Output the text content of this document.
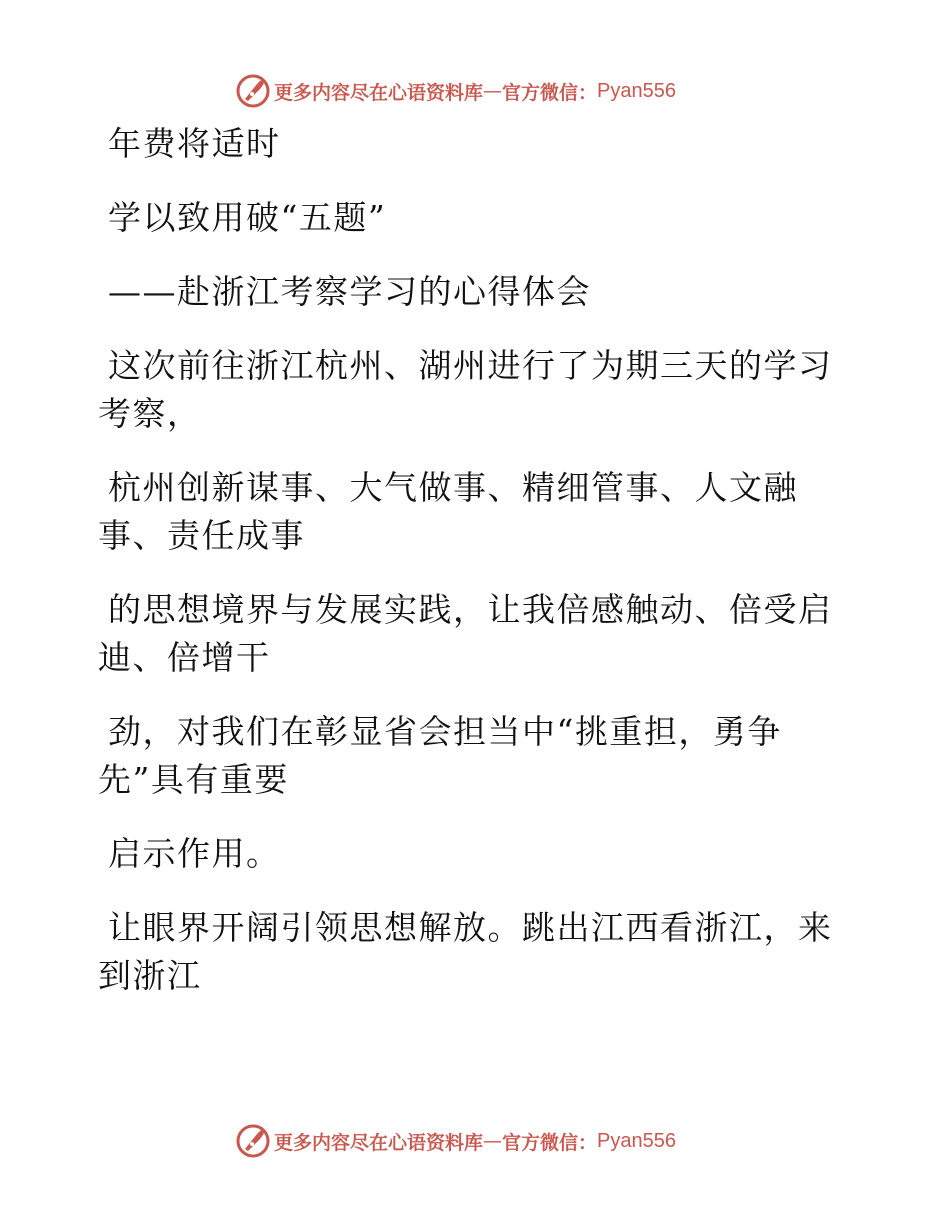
更多内容尽在心语资料库 — 官方微信： Pyan556

年费将适时

学以致用破“五题”

——赴浙江考察学习的心得体会

这次前往浙江杭州、湖州进行了为期三天的学习考察，

杭州创新谋事、大气做事、精细管事、人文融事、责任成事

的思想境界与发展实践，让我倍感触动、倍受启迪、倍增干

劲，对我们在彰显省会担当中“挑重担，勇争先”具有重要

启示作用。

让眼界开阔引领思想解放。跳出江西看浙江，来到浙江

更多内容尽在心语资料库 — 官方微信： Pyan556
